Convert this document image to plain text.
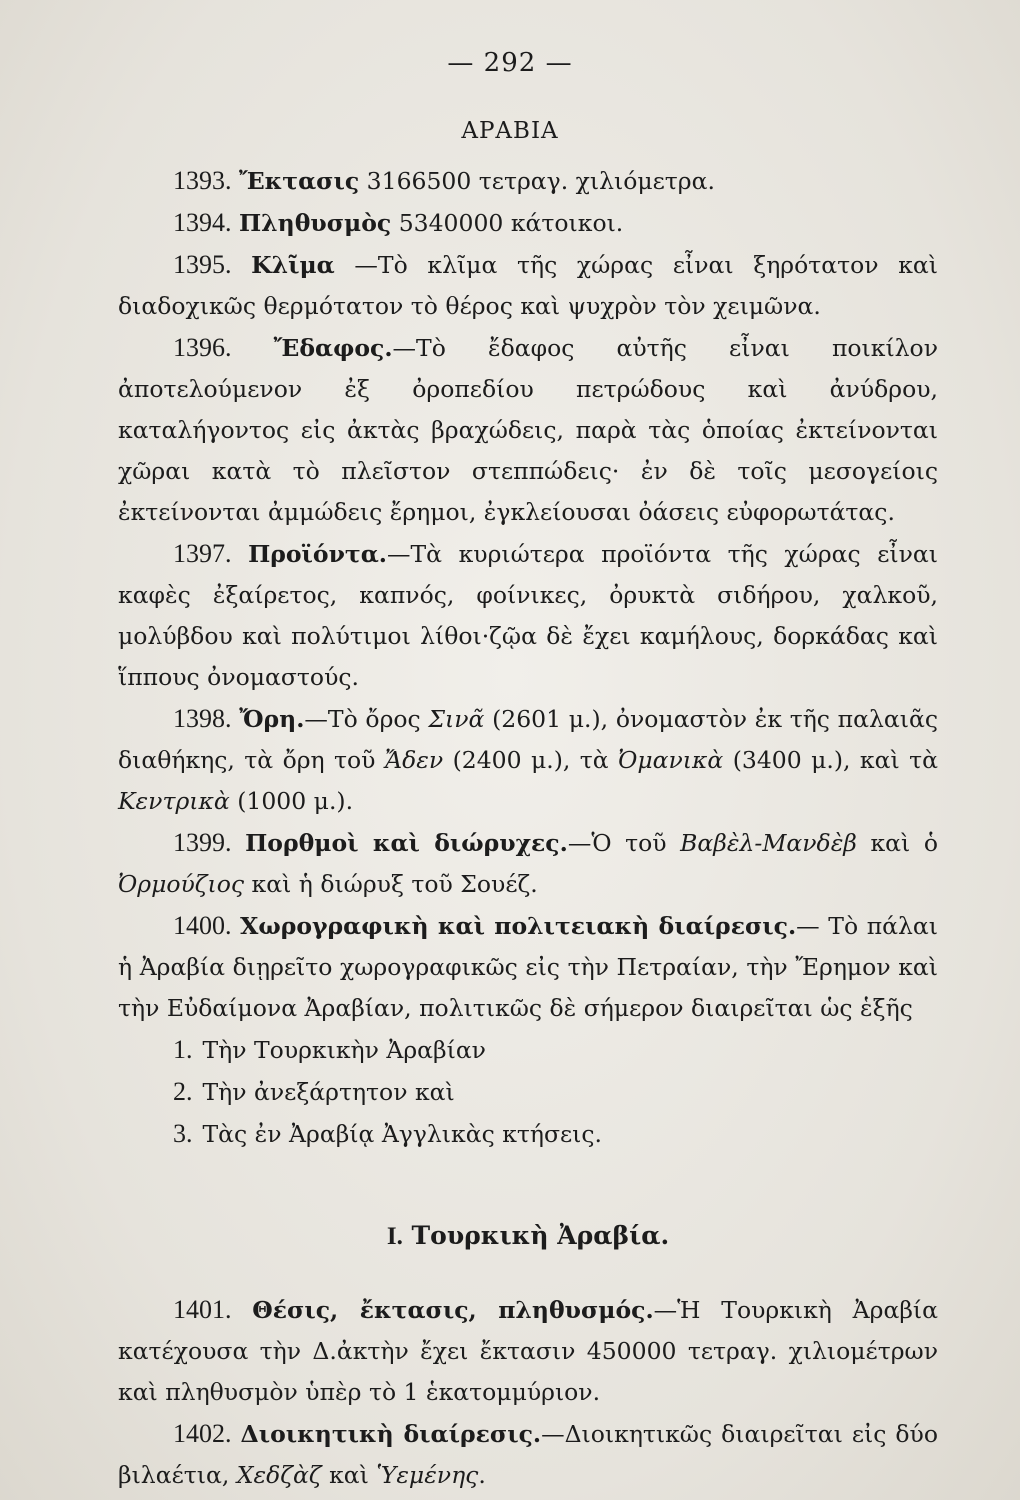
— 292 —
ΑΡΑΒΙΑ

1393. Ἔκτασις 3166500 τετραγ. χιλιόμετρα.

1394. Πληθυσμὸς 5340000 κάτοικοι.

1395. Κλῖμα —Τὸ κλῖμα τῆς χώρας εἶναι ξηρότατον καὶ διαδοχικῶς θερμότατον τὸ θέρος καὶ ψυχρὸν τὸν χειμῶνα.

1396. Ἔδαφος.—Τὸ ἔδαφος αὐτῆς εἶναι ποικίλον ἀποτελούμενον ἐξ ὀροπεδίου πετρώδους καὶ ἀνύδρου, καταλήγοντος εἰς ἀκτὰς βραχώδεις, παρὰ τὰς ὁποίας ἐκτείνονται χῶραι κατὰ τὸ πλεῖστον στεππώδεις· ἐν δὲ τοῖς μεσογείοις ἐκτείνονται ἀμμώδεις ἔρημοι, ἐγκλείουσαι ὀάσεις εὐφορωτάτας.

1397. Προϊόντα.—Τὰ κυριώτερα προϊόντα τῆς χώρας εἶναι καφὲς ἐξαίρετος, καπνός, φοίνικες, ὀρυκτὰ σιδήρου, χαλκοῦ, μολύβδου καὶ πολύτιμοι λίθοι·ζῷα δὲ ἔχει καμήλους, δορκάδας καὶ ἵππους ὀνομαστούς.

1398. Ὄρη.—Τὸ ὄρος Σινᾶ (2601 μ.), ὀνομαστὸν ἐκ τῆς παλαιᾶς διαθήκης, τὰ ὄρη τοῦ Ἄδεν (2400 μ.), τὰ Ὀμανικὰ (3400 μ.), καὶ τὰ Κεντρικὰ (1000 μ.).

1399. Πορθμοὶ καὶ διώρυχες.—Ὁ τοῦ Βαβὲλ-Μανδὲβ καὶ ὁ Ὀρμούζιος καὶ ἡ διώρυξ τοῦ Σουέζ.

1400. Χωρογραφικὴ καὶ πολιτειακὴ διαίρεσις.— Τὸ πάλαι ἡ Ἀραβία διῃρεῖτο χωρογραφικῶς εἰς τὴν Πετραίαν, τὴν Ἔρημον καὶ τὴν Εὐδαίμονα Ἀραβίαν, πολιτικῶς δὲ σήμερον διαιρεῖται ὡς ἑξῆς

1. Τὴν Τουρκικὴν Ἀραβίαν
2. Τὴν ἀνεξάρτητον καὶ
3. Τὰς ἐν Ἀραβίᾳ Ἀγγλικὰς κτήσεις.
I. Τουρκικὴ Ἀραβία.

1401. Θέσις, ἔκτασις, πληθυσμός.—Ἡ Τουρκικὴ Ἀραβία κατέχουσα τὴν Δ.ἀκτὴν ἔχει ἔκτασιν 450000 τετραγ. χιλιομέτρων καὶ πληθυσμὸν ὑπὲρ τὸ 1 ἑκατομμύριον.

1402. Διοικητικὴ διαίρεσις.—Διοικητικῶς διαιρεῖται εἰς δύο βιλαέτια, Χεδζὰζ καὶ Ὑεμένης.
